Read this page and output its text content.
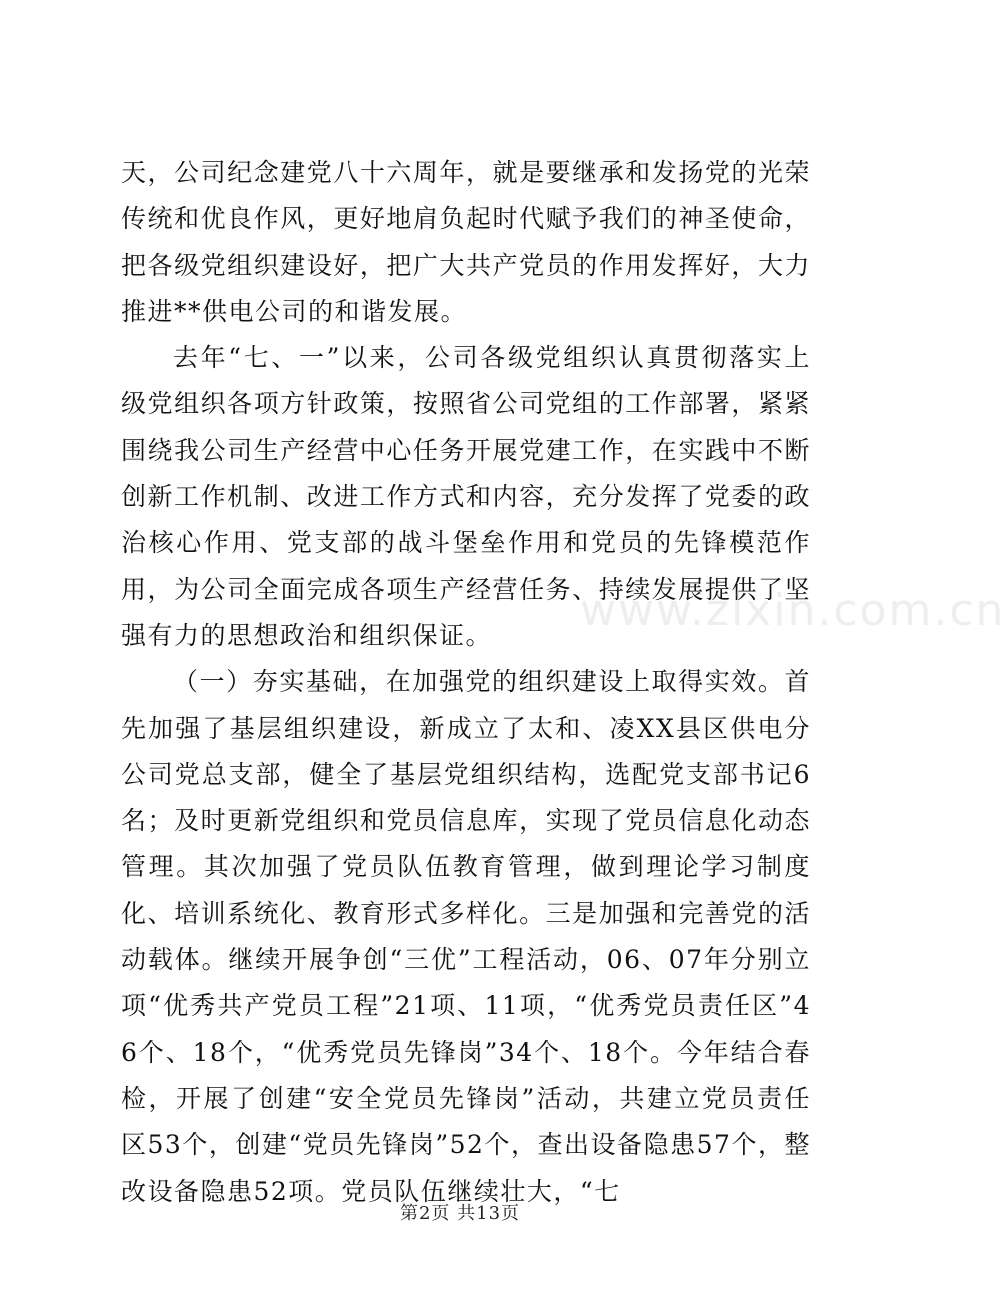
天，公司纪念建党八十六周年，就是要继承和发扬党的光荣传统和优良作风，更好地肩负起时代赋予我们的神圣使命，把各级党组织建设好，把广大共产党员的作用发挥好，大力推进**供电公司的和谐发展。

去年“七、一”以来，公司各级党组织认真贯彻落实上级党组织各项方针政策，按照省公司党组的工作部署，紧紧围绕我公司生产经营中心任务开展党建工作，在实践中不断创新工作机制、改进工作方式和内容，充分发挥了党委的政治核心作用、党支部的战斗堡垒作用和党员的先锋模范作用，为公司全面完成各项生产经营任务、持续发展提供了坚强有力的思想政治和组织保证。

（一）夯实基础，在加强党的组织建设上取得实效。首先加强了基层组织建设，新成立了太和、凌XX县区供电分公司党总支部，健全了基层党组织结构，选配党支部书记6名；及时更新党组织和党员信息库，实现了党员信息化动态管理。其次加强了党员队伍教育管理，做到理论学习制度化、培训系统化、教育形式多样化。三是加强和完善党的活动载体。继续开展争创“三优”工程活动，06、07年分别立项“优秀共产党员工程”21项、11项，“优秀党员责任区”46个、18个，“优秀党员先锋岗”34个、18个。今年结合春检，开展了创建“安全党员先锋岗”活动，共建立党员责任区53个，创建“党员先锋岗”52个，查出设备隐患57个，整改设备隐患52项。党员队伍继续壮大，“七

www.zixin.com.cn
第2页 共13页
